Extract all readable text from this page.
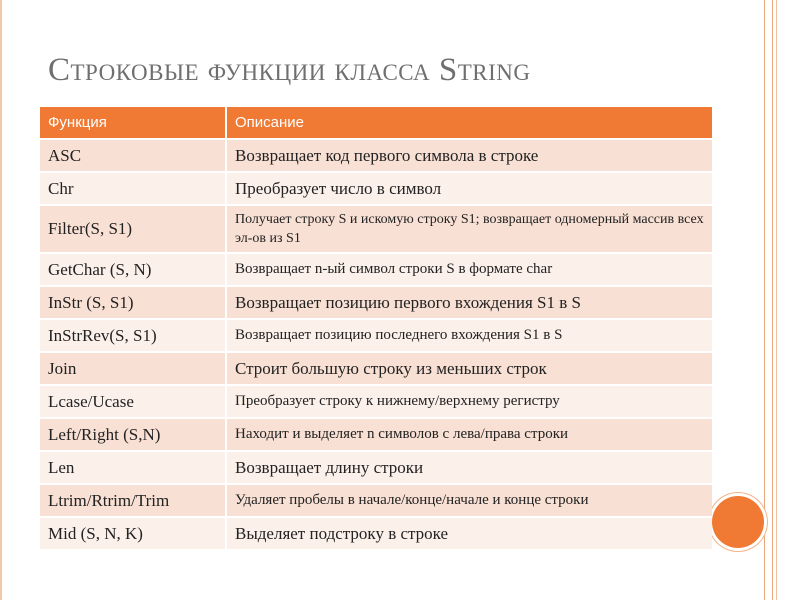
Строковые функции класса String
Функция	Описание
ASC	Возвращает код первого символа в строке
Chr	Преобразует число в символ
Filter(S, S1)	Получает строку S и искомую строку S1; возвращает одномерный массив всех эл-ов из S1
GetChar (S, N)	Возвращает n-ый символ строки S в формате char
InStr (S, S1)	Возвращает позицию первого вхождения S1 в S
InStrRev(S, S1)	Возвращает позицию последнего вхождения S1 в S
Join	Строит большую строку из меньших строк
Lcase/Ucase	Преобразует строку к нижнему/верхнему регистру
Left/Right (S,N)	Находит и выделяет n символов с лева/права строки
Len	Возвращает длину строки
Ltrim/Rtrim/Trim	Удаляет пробелы в начале/конце/начале и конце строки
Mid (S, N, K)	Выделяет подстроку в строке
